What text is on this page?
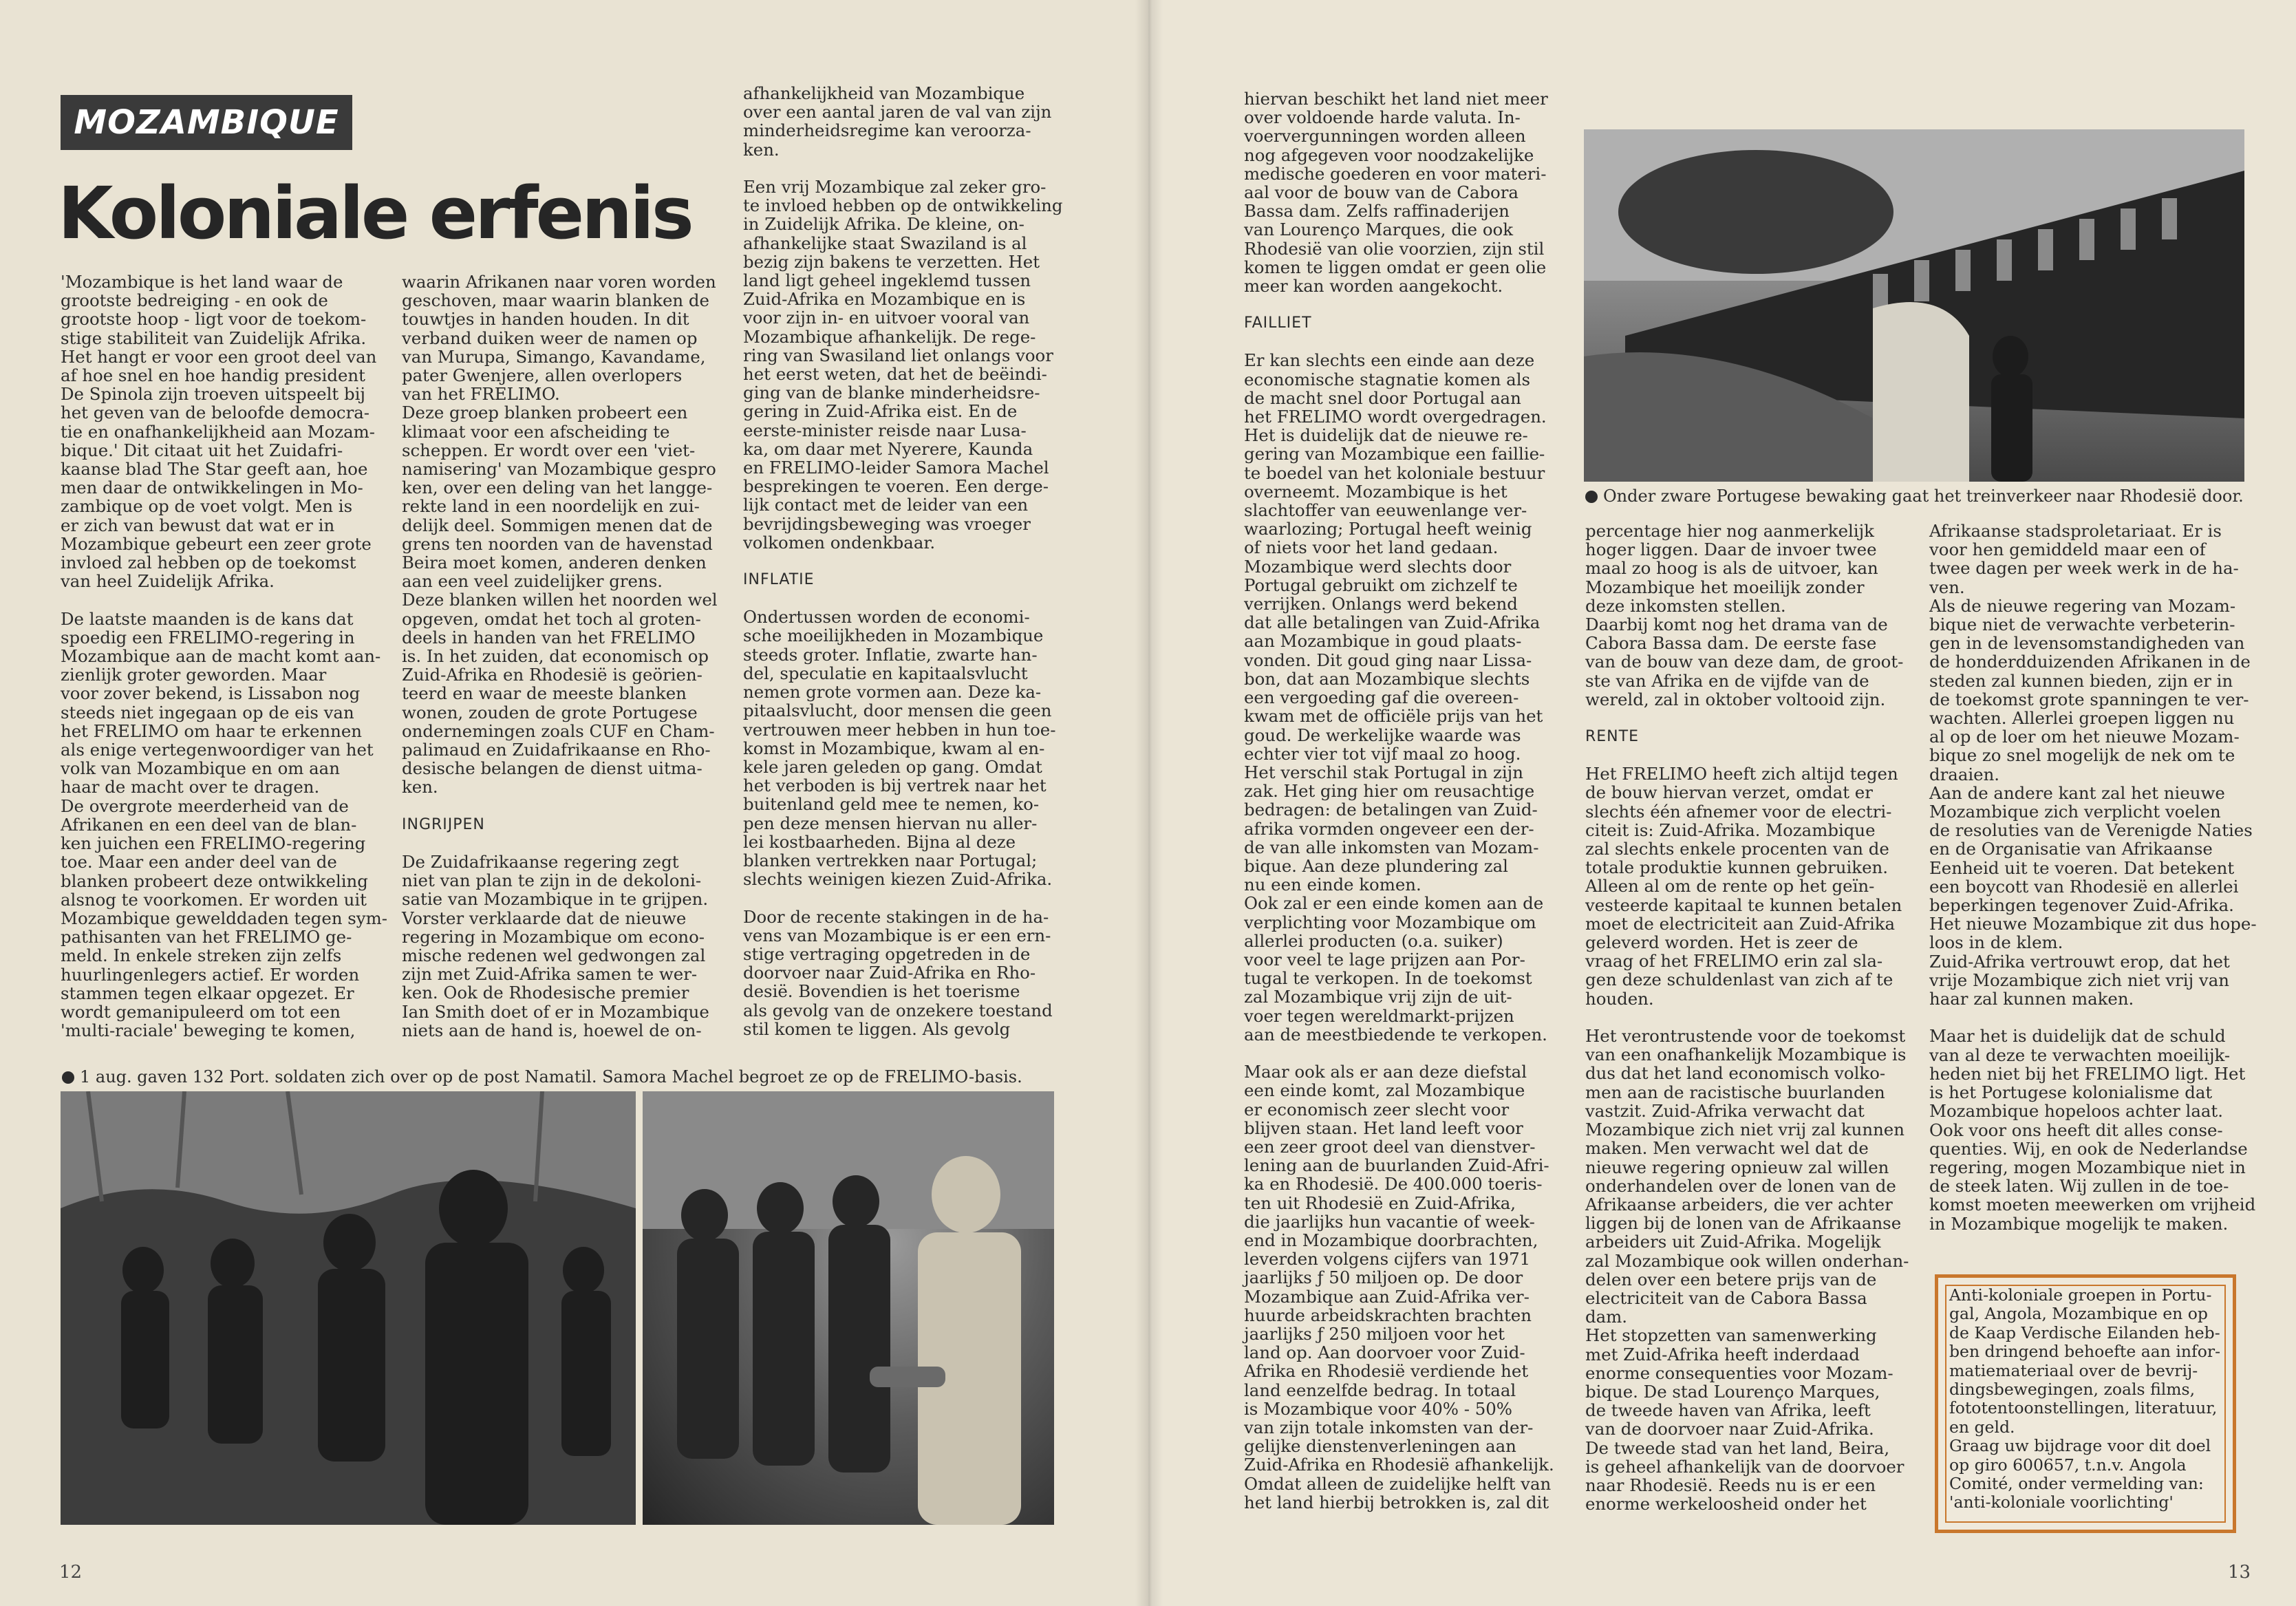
MOZAMBIQUE
Koloniale erfenis
'Mozambique is het land waar de
grootste bedreiging - en ook de
grootste hoop - ligt voor de toekom-
stige stabiliteit van Zuidelijk Afrika.
Het hangt er voor een groot deel van
af hoe snel en hoe handig president
De Spinola zijn troeven uitspeelt bij
het geven van de beloofde democra-
tie en onafhankelijkheid aan Mozam-
bique.' Dit citaat uit het Zuidafri-
kaanse blad The Star geeft aan, hoe
men daar de ontwikkelingen in Mo-
zambique op de voet volgt. Men is
er zich van bewust dat wat er in
Mozambique gebeurt een zeer grote
invloed zal hebben op de toekomst
van heel Zuidelijk Afrika.

De laatste maanden is de kans dat
spoedig een FRELIMO-regering in
Mozambique aan de macht komt aan-
zienlijk groter geworden. Maar
voor zover bekend, is Lissabon nog
steeds niet ingegaan op de eis van
het FRELIMO om haar te erkennen
als enige vertegenwoordiger van het
volk van Mozambique en om aan
haar de macht over te dragen.
De overgrote meerderheid van de
Afrikanen en een deel van de blan-
ken juichen een FRELIMO-regering
toe. Maar een ander deel van de
blanken probeert deze ontwikkeling
alsnog te voorkomen. Er worden uit
Mozambique gewelddaden tegen sym-
pathisanten van het FRELIMO ge-
meld. In enkele streken zijn zelfs
huurlingenlegers actief. Er worden
stammen tegen elkaar opgezet. Er
wordt gemanipuleerd om tot een
'multi-raciale' beweging te komen,
waarin Afrikanen naar voren worden
geschoven, maar waarin blanken de
touwtjes in handen houden. In dit
verband duiken weer de namen op
van Murupa, Simango, Kavandame,
pater Gwenjere, allen overlopers
van het FRELIMO.
Deze groep blanken probeert een
klimaat voor een afscheiding te
scheppen. Er wordt over een 'viet-
namisering' van Mozambique gespro
ken, over een deling van het langge-
rekte land in een noordelijk en zui-
delijk deel. Sommigen menen dat de
grens ten noorden van de havenstad
Beira moet komen, anderen denken
aan een veel zuidelijker grens.
Deze blanken willen het noorden wel
opgeven, omdat het toch al groten-
deels in handen van het FRELIMO
is. In het zuiden, dat economisch op
Zuid-Afrika en Rhodesië is geörien-
teerd en waar de meeste blanken
wonen, zouden de grote Portugese
ondernemingen zoals CUF en Cham-
palimaud en Zuidafrikaanse en Rho-
desische belangen de dienst uitma-
ken.
INGRIJPEN
De Zuidafrikaanse regering zegt
niet van plan te zijn in de dekoloni-
satie van Mozambique in te grijpen.
Vorster verklaarde dat de nieuwe
regering in Mozambique om econo-
mische redenen wel gedwongen zal
zijn met Zuid-Afrika samen te wer-
ken. Ook de Rhodesische premier
Ian Smith doet of er in Mozambique
niets aan de hand is, hoewel de on-
afhankelijkheid van Mozambique
over een aantal jaren de val van zijn
minderheidsregime kan veroorza-
ken.

Een vrij Mozambique zal zeker gro-
te invloed hebben op de ontwikkeling
in Zuidelijk Afrika. De kleine, on-
afhankelijke staat Swaziland is al
bezig zijn bakens te verzetten. Het
land ligt geheel ingeklemd tussen
Zuid-Afrika en Mozambique en is
voor zijn in- en uitvoer vooral van
Mozambique afhankelijk. De rege-
ring van Swasiland liet onlangs voor
het eerst weten, dat het de beëindi-
ging van de blanke minderheidsre-
gering in Zuid-Afrika eist. En de
eerste-minister reisde naar Lusa-
ka, om daar met Nyerere, Kaunda
en FRELIMO-leider Samora Machel
besprekingen te voeren. Een derge-
lijk contact met de leider van een
bevrijdingsbeweging was vroeger
volkomen ondenkbaar.
INFLATIE
Ondertussen worden de economi-
sche moeilijkheden in Mozambique
steeds groter. Inflatie, zwarte han-
del, speculatie en kapitaalsvlucht
nemen grote vormen aan. Deze ka-
pitaalsvlucht, door mensen die geen
vertrouwen meer hebben in hun toe-
komst in Mozambique, kwam al en-
kele jaren geleden op gang. Omdat
het verboden is bij vertrek naar het
buitenland geld mee te nemen, ko-
pen deze mensen hiervan nu aller-
lei kostbaarheden. Bijna al deze
blanken vertrekken naar Portugal;
slechts weinigen kiezen Zuid-Afrika.

Door de recente stakingen in de ha-
vens van Mozambique is er een ern-
stige vertraging opgetreden in de
doorvoer naar Zuid-Afrika en Rho-
desië. Bovendien is het toerisme
als gevolg van de onzekere toestand
stil komen te liggen. Als gevolg
1 aug. gaven 132 Port. soldaten zich over op de post Namatil. Samora Machel begroet ze op de FRELIMO-basis.
12
hiervan beschikt het land niet meer
over voldoende harde valuta. In-
voervergunningen worden alleen
nog afgegeven voor noodzakelijke
medische goederen en voor materi-
aal voor de bouw van de Cabora
Bassa dam. Zelfs raffinaderijen
van Lourenço Marques, die ook
Rhodesië van olie voorzien, zijn stil
komen te liggen omdat er geen olie
meer kan worden aangekocht.
FAILLIET
Er kan slechts een einde aan deze
economische stagnatie komen als
de macht snel door Portugal aan
het FRELIMO wordt overgedragen.
Het is duidelijk dat de nieuwe re-
gering van Mozambique een faillie-
te boedel van het koloniale bestuur
overneemt. Mozambique is het
slachtoffer van eeuwenlange ver-
waarlozing; Portugal heeft weinig
of niets voor het land gedaan.
Mozambique werd slechts door
Portugal gebruikt om zichzelf te
verrijken. Onlangs werd bekend
dat alle betalingen van Zuid-Afrika
aan Mozambique in goud plaats-
vonden. Dit goud ging naar Lissa-
bon, dat aan Mozambique slechts
een vergoeding gaf die overeen-
kwam met de officiële prijs van het
goud. De werkelijke waarde was
echter vier tot vijf maal zo hoog.
Het verschil stak Portugal in zijn
zak. Het ging hier om reusachtige
bedragen: de betalingen van Zuid-
afrika vormden ongeveer een der-
de van alle inkomsten van Mozam-
bique. Aan deze plundering zal
nu een einde komen.
Ook zal er een einde komen aan de
verplichting voor Mozambique om
allerlei producten (o.a. suiker)
voor veel te lage prijzen aan Por-
tugal te verkopen. In de toekomst
zal Mozambique vrij zijn de uit-
voer tegen wereldmarkt-prijzen
aan de meestbiedende te verkopen.

Maar ook als er aan deze diefstal
een einde komt, zal Mozambique
er economisch zeer slecht voor
blijven staan. Het land leeft voor
een zeer groot deel van dienstver-
lening aan de buurlanden Zuid-Afri-
ka en Rhodesië. De 400.000 toeris-
ten uit Rhodesië en Zuid-Afrika,
die jaarlijks hun vacantie of week-
end in Mozambique doorbrachten,
leverden volgens cijfers van 1971
jaarlijks ƒ 50 miljoen op. De door
Mozambique aan Zuid-Afrika ver-
huurde arbeidskrachten brachten
jaarlijks ƒ 250 miljoen voor het
land op. Aan doorvoer voor Zuid-
Afrika en Rhodesië verdiende het
land eenzelfde bedrag. In totaal
is Mozambique voor 40% - 50%
van zijn totale inkomsten van der-
gelijke dienstenverleningen aan
Zuid-Afrika en Rhodesië afhankelijk.
Omdat alleen de zuidelijke helft van
het land hierbij betrokken is, zal dit
Onder zware Portugese bewaking gaat het treinverkeer naar Rhodesië door.
percentage hier nog aanmerkelijk
hoger liggen. Daar de invoer twee
maal zo hoog is als de uitvoer, kan
Mozambique het moeilijk zonder
deze inkomsten stellen.
Daarbij komt nog het drama van de
Cabora Bassa dam. De eerste fase
van de bouw van deze dam, de groot-
ste van Afrika en de vijfde van de
wereld, zal in oktober voltooid zijn.
RENTE
Het FRELIMO heeft zich altijd tegen
de bouw hiervan verzet, omdat er
slechts één afnemer voor de electri-
citeit is: Zuid-Afrika. Mozambique
zal slechts enkele procenten van de
totale produktie kunnen gebruiken.
Alleen al om de rente op het geïn-
vesteerde kapitaal te kunnen betalen
moet de electriciteit aan Zuid-Afrika
geleverd worden. Het is zeer de
vraag of het FRELIMO erin zal sla-
gen deze schuldenlast van zich af te
houden.

Het verontrustende voor de toekomst
van een onafhankelijk Mozambique is
dus dat het land economisch volko-
men aan de racistische buurlanden
vastzit. Zuid-Afrika verwacht dat
Mozambique zich niet vrij zal kunnen
maken. Men verwacht wel dat de
nieuwe regering opnieuw zal willen
onderhandelen over de lonen van de
Afrikaanse arbeiders, die ver achter
liggen bij de lonen van de Afrikaanse
arbeiders uit Zuid-Afrika. Mogelijk
zal Mozambique ook willen onderhan-
delen over een betere prijs van de
electriciteit van de Cabora Bassa
dam.
Het stopzetten van samenwerking
met Zuid-Afrika heeft inderdaad
enorme consequenties voor Mozam-
bique. De stad Lourenço Marques,
de tweede haven van Afrika, leeft
van de doorvoer naar Zuid-Afrika.
De tweede stad van het land, Beira,
is geheel afhankelijk van de doorvoer
naar Rhodesië. Reeds nu is er een
enorme werkeloosheid onder het
Afrikaanse stadsproletariaat. Er is
voor hen gemiddeld maar een of
twee dagen per week werk in de ha-
ven.
Als de nieuwe regering van Mozam-
bique niet de verwachte verbeterin-
gen in de levensomstandigheden van
de honderdduizenden Afrikanen in de
steden zal kunnen bieden, zijn er in
de toekomst grote spanningen te ver-
wachten. Allerlei groepen liggen nu
al op de loer om het nieuwe Mozam-
bique zo snel mogelijk de nek om te
draaien.
Aan de andere kant zal het nieuwe
Mozambique zich verplicht voelen
de resoluties van de Verenigde Naties
en de Organisatie van Afrikaanse
Eenheid uit te voeren. Dat betekent
een boycott van Rhodesië en allerlei
beperkingen tegenover Zuid-Afrika.
Het nieuwe Mozambique zit dus hope-
loos in de klem.
Zuid-Afrika vertrouwt erop, dat het
vrije Mozambique zich niet vrij van
haar zal kunnen maken.

Maar het is duidelijk dat de schuld
van al deze te verwachten moeilijk-
heden niet bij het FRELIMO ligt. Het
is het Portugese kolonialisme dat
Mozambique hopeloos achter laat.
Ook voor ons heeft dit alles conse-
quenties. Wij, en ook de Nederlandse
regering, mogen Mozambique niet in
de steek laten. Wij zullen in de toe-
komst moeten meewerken om vrijheid
in Mozambique mogelijk te maken.
Anti-koloniale groepen in Portu-
gal, Angola, Mozambique en op
de Kaap Verdische Eilanden heb-
ben dringend behoefte aan infor-
matiemateriaal over de bevrij-
dingsbewegingen, zoals films,
fototentoonstellingen, literatuur,
en geld.
Graag uw bijdrage voor dit doel
op giro 600657, t.n.v. Angola
Comité, onder vermelding van:
'anti-koloniale voorlichting'
13
